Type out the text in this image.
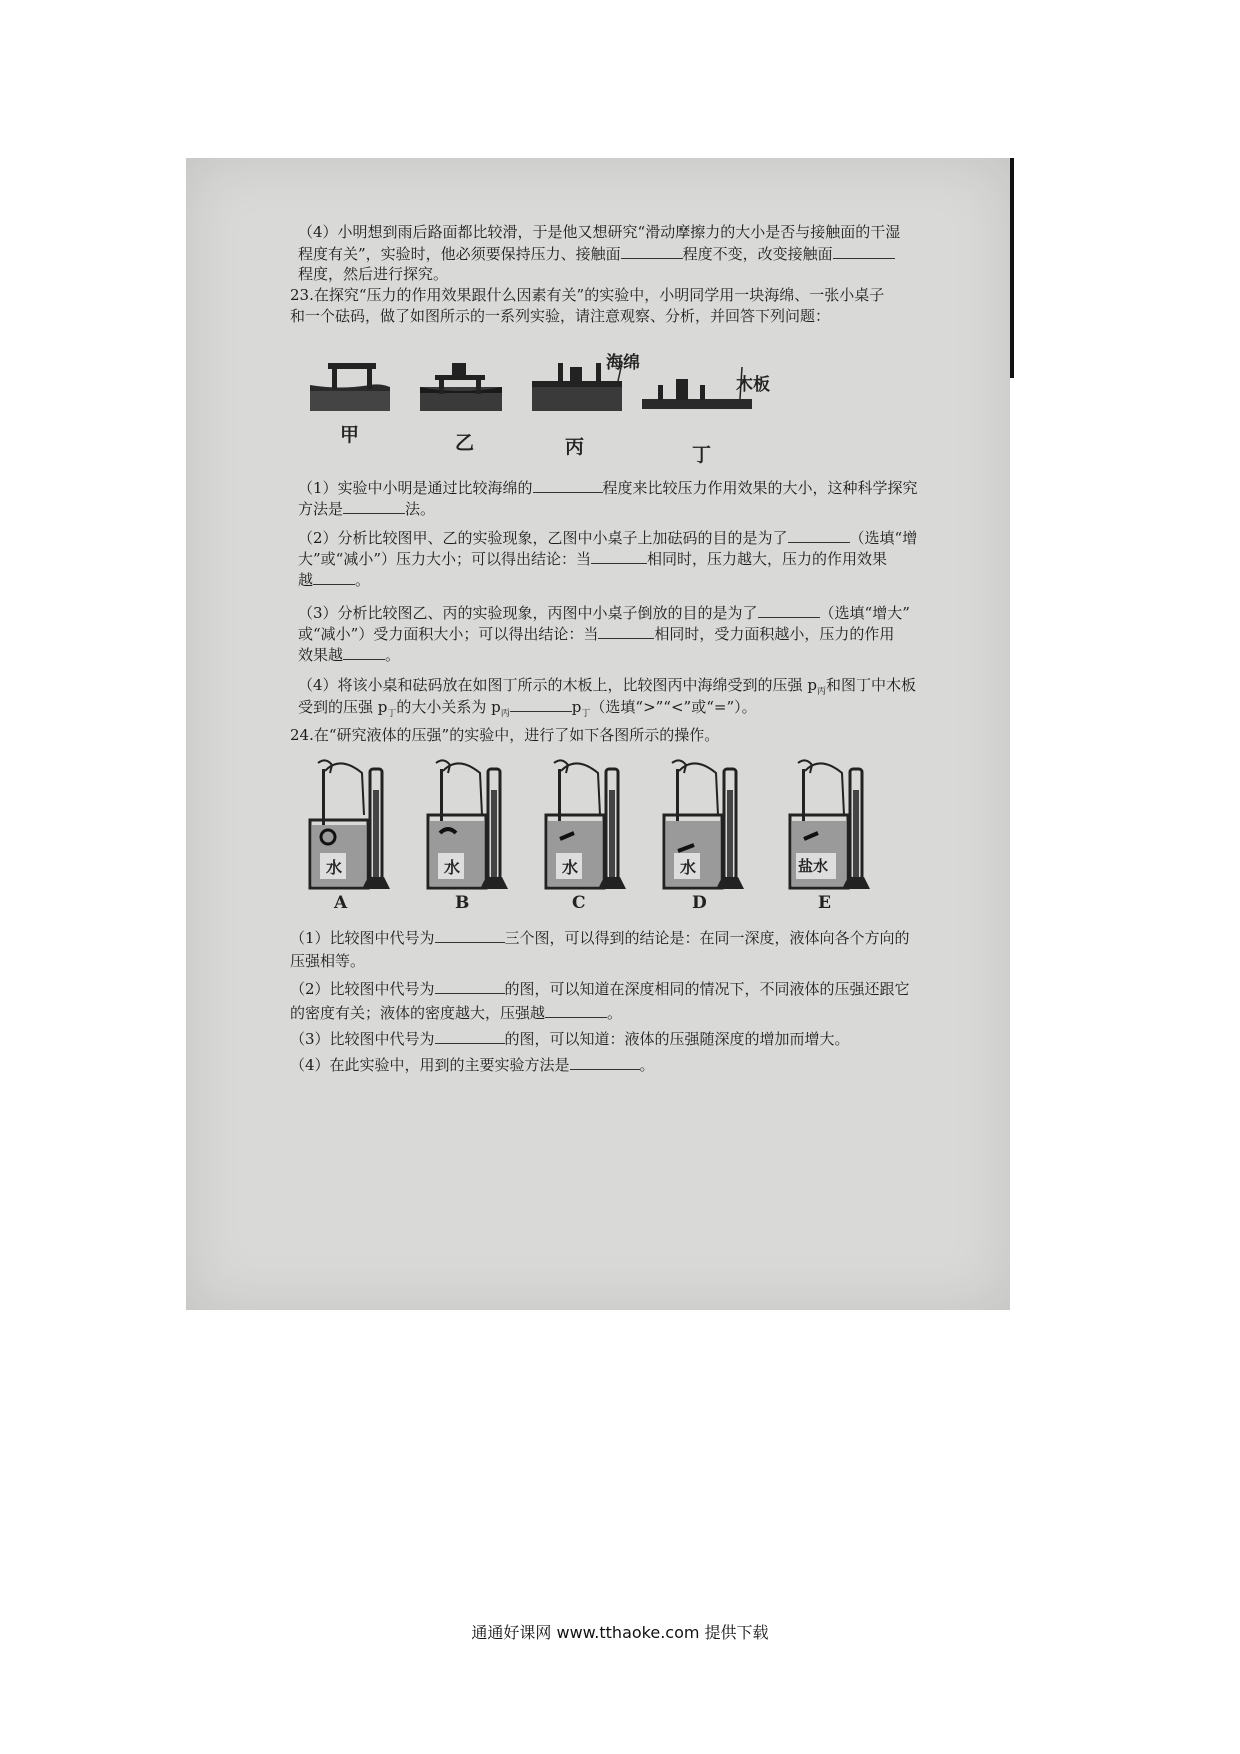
（4）小明想到雨后路面都比较滑，于是他又想研究“滑动摩擦力的大小是否与接触面的干湿
程度有关”，实验时，他必须要保持压力、接触面	程度不变，改变接触面
程度，然后进行探究。
23.在探究“压力的作用效果跟什么因素有关”的实验中，小明同学用一块海绵、一张小桌子
和一个砝码，做了如图所示的一系列实验，请注意观察、分析，并回答下列问题：
海绵
木板
甲	乙	丙	丁
（1）实验中小明是通过比较海绵的	程度来比较压力作用效果的大小，这种科学探究
方法是	法。
（2）分析比较图甲、乙的实验现象，乙图中小桌子上加砝码的目的是为了	（选填“增
大”或“减小”）压力大小；可以得出结论：当	相同时，压力越大，压力的作用效果
越	。
（3）分析比较图乙、丙的实验现象，丙图中小桌子倒放的目的是为了	（选填“增大”
或“减小”）受力面积大小；可以得出结论：当	相同时，受力面积越小，压力的作用
效果越	。
（4）将该小桌和砝码放在如图丁所示的木板上，比较图丙中海绵受到的压强 $p_丙$和图丁中木板
受到的压强 $p_丁$的大小关系为 $p_丙$	$p_丁$（选填“>”“<”或“=”）。
24.在“研究液体的压强”的实验中，进行了如下各图所示的操作。
水	水	水	水	盐水
A	B	C	D	E
（1）比较图中代号为	三个图，可以得到的结论是：在同一深度，液体向各个方向的
压强相等。
（2）比较图中代号为	的图，可以知道在深度相同的情况下，不同液体的压强还跟它
的密度有关；液体的密度越大，压强越	。
（3）比较图中代号为	的图，可以知道：液体的压强随深度的增加而增大。
（4）在此实验中，用到的主要实验方法是	。
通通好课网 www.tthaoke.com 提供下载
